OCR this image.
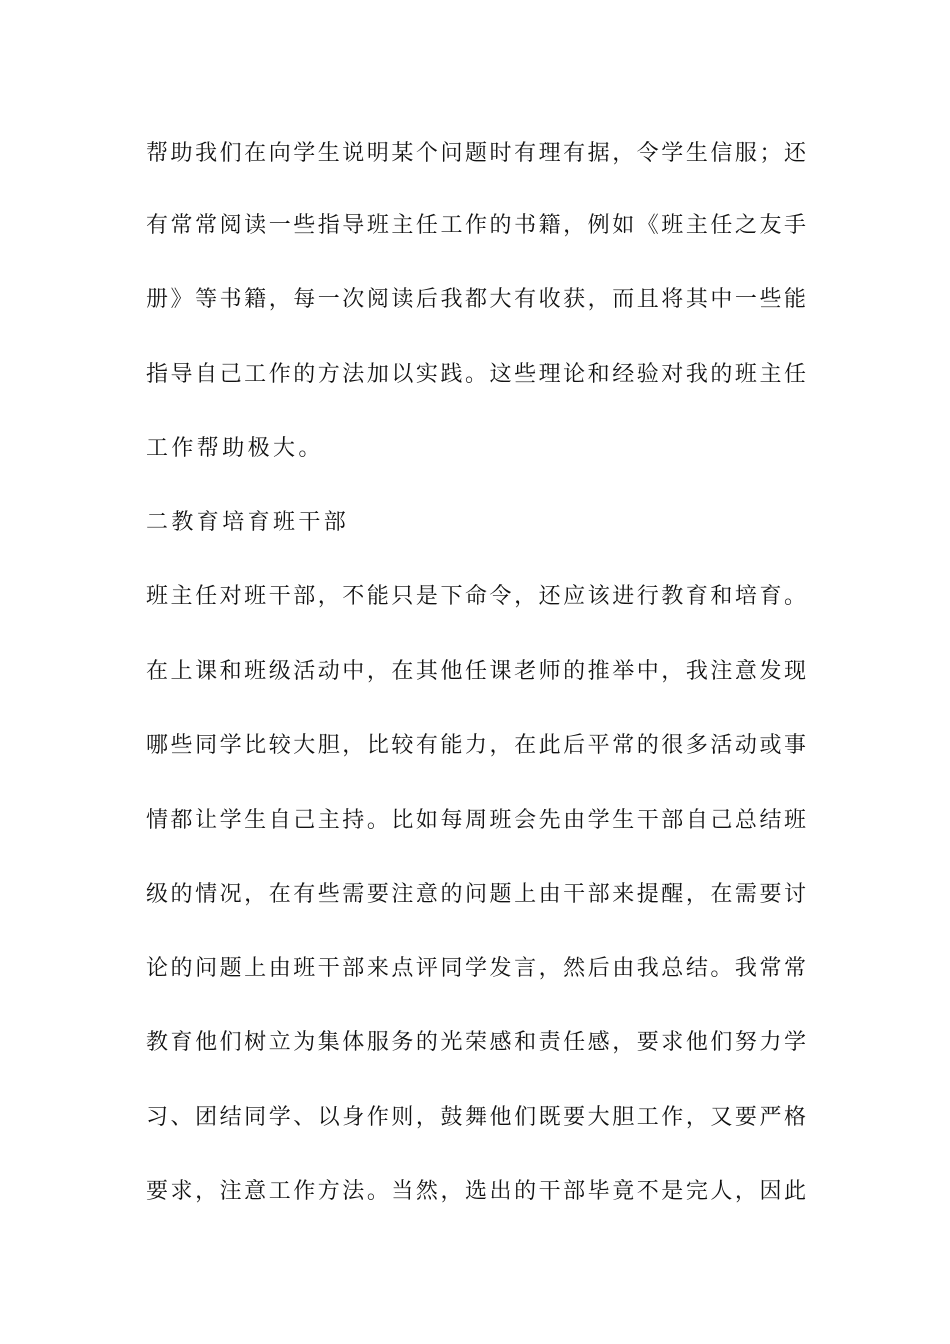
帮助我们在向学生说明某个问题时有理有据，令学生信服；还
有常常阅读一些指导班主任工作的书籍，例如《班主任之友手
册》等书籍，每一次阅读后我都大有收获，而且将其中一些能
指导自己工作的方法加以实践。这些理论和经验对我的班主任
工作帮助极大。
二教育培育班干部
班主任对班干部，不能只是下命令，还应该进行教育和培育。
在上课和班级活动中，在其他任课老师的推举中，我注意发现
哪些同学比较大胆，比较有能力，在此后平常的很多活动或事
情都让学生自己主持。比如每周班会先由学生干部自己总结班
级的情况，在有些需要注意的问题上由干部来提醒，在需要讨
论的问题上由班干部来点评同学发言，然后由我总结。我常常
教育他们树立为集体服务的光荣感和责任感，要求他们努力学
习、团结同学、以身作则，鼓舞他们既要大胆工作，又要严格
要求，注意工作方法。当然，选出的干部毕竟不是完人，因此
